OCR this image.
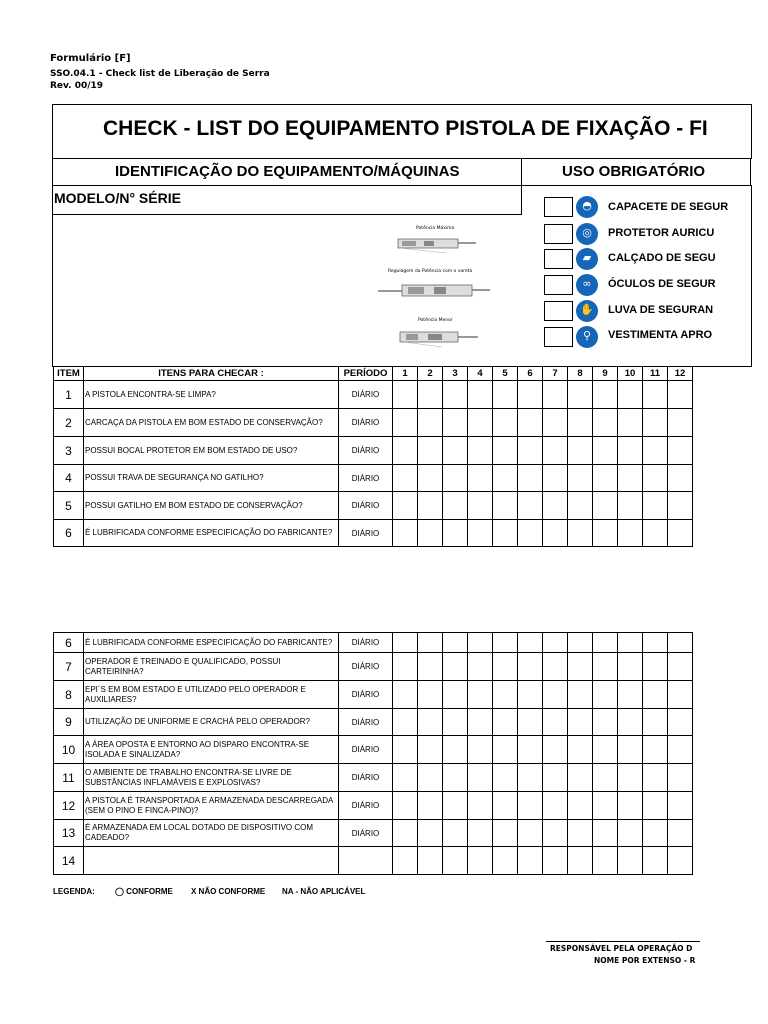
Formulário [F]
SSO.04.1 - Check list de Liberação de Serra
Rev. 00/19
CHECK - LIST DO EQUIPAMENTO PISTOLA DE FIXAÇÃO - FI
IDENTIFICAÇÃO DO EQUIPAMENTO/MÁQUINAS	USO OBRIGATÓRIO
MODELO/N° SÉRIE
Potência Máxima
Regulagem da Potência com o vareta
Potência Menor
◓	CAPACETE DE SEGUR
◎	PROTETOR AURICU
▰	CALÇADO DE SEGU
∞	ÓCULOS DE SEGUR
✋	LUVA DE SEGURAN
⚲	VESTIMENTA APRO
ITEM	ITENS PARA CHECAR :	PERÍODO	1	2	3	4	5	6	7	8	9	10	11	12
1	A PISTOLA ENCONTRA-SE LIMPA?	DIÁRIO												
2	CARCAÇA DA PISTOLA EM BOM ESTADO DE CONSERVAÇÃO?	DIÁRIO												
3	POSSUI BOCAL PROTETOR EM BOM ESTADO DE USO?	DIÁRIO												
4	POSSUI TRAVA DE SEGURANÇA NO GATILHO?	DIÁRIO												
5	POSSUI GATILHO EM BOM ESTADO DE CONSERVAÇÃO?	DIÁRIO												
6	É LUBRIFICADA CONFORME ESPECIFICAÇÃO DO FABRICANTE?	DIÁRIO												
6	É LUBRIFICADA CONFORME ESPECIFICAÇÃO DO FABRICANTE?	DIÁRIO												
7	OPERADOR É TREINADO E QUALIFICADO, POSSUI CARTEIRINHA?	DIÁRIO												
8	EPI´S EM BOM ESTADO E UTILIZADO PELO OPERADOR E AUXILIARES?	DIÁRIO												
9	UTILIZAÇÃO DE UNIFORME E CRACHÁ PELO OPERADOR?	DIÁRIO												
10	A ÁREA OPOSTA E ENTORNO AO DISPARO ENCONTRA-SE ISOLADA E SINALIZADA?	DIÁRIO												
11	O AMBIENTE DE TRABALHO ENCONTRA-SE LIVRE DE SUBSTÂNCIAS INFLAMÁVEIS E EXPLOSIVAS?	DIÁRIO												
12	A PISTOLA É TRANSPORTADA E ARMAZENADA DESCARREGADA (SEM O PINO E FINCA-PINO)?	DIÁRIO												
13	É ARMAZENADA EM LOCAL DOTADO DE DISPOSITIVO COM CADEADO?	DIÁRIO												
14														
LEGENDA:	◯ CONFORME X NÃO CONFORME NA - NÃO APLICÁVEL
RESPONSÁVEL PELA OPERAÇÃO D
NOME POR EXTENSO - R
